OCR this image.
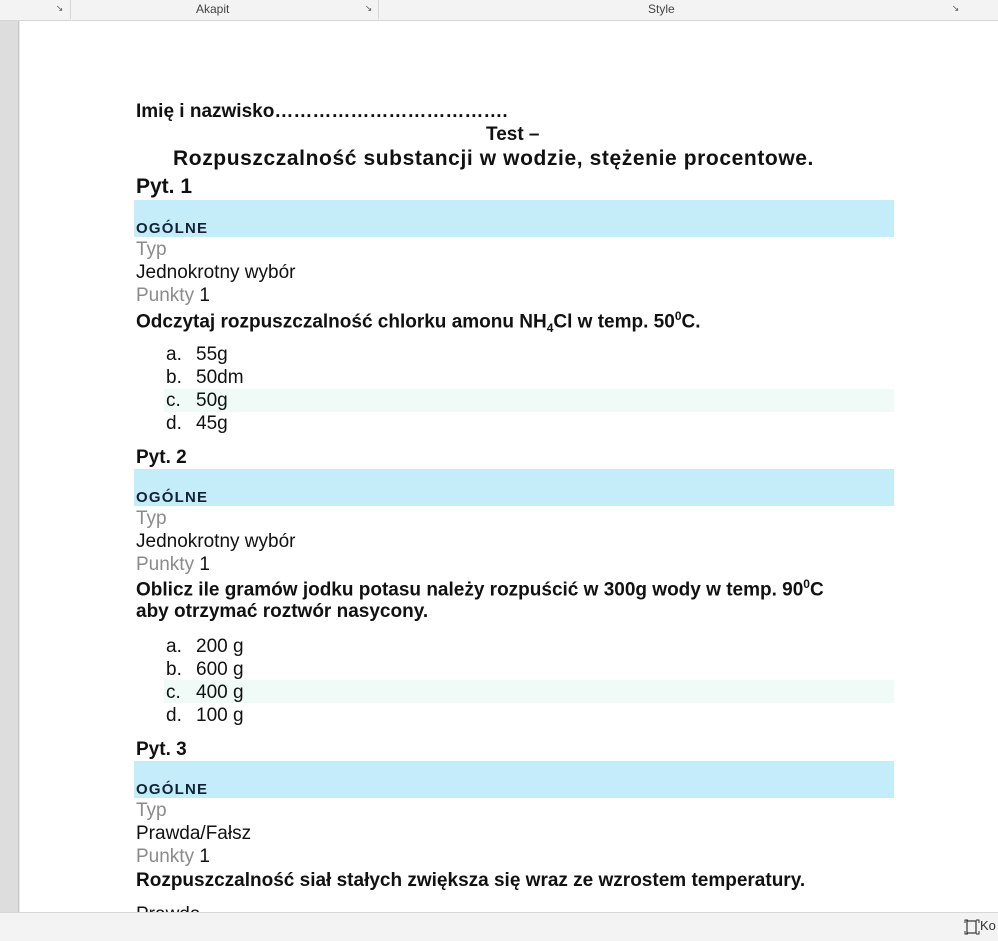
↘	Akapit	↘	Style	↘
Imię i nazwisko……………………………….
Test –
Rozpuszczalność substancji w wodzie, stężenie procentowe.
Pyt. 1
OGÓLNE
Typ
Jednokrotny wybór
Punkty 1
Odczytaj rozpuszczalność chlorku amonu $NH_4Cl$ w temp. $50^0C$.
a. 55g
b. 50dm
c. 50g
d. 45g
Pyt. 2
OGÓLNE
Typ
Jednokrotny wybór
Punkty 1
Oblicz ile gramów jodku potasu należy rozpuścić w 300g wody w temp. $90^0C$
aby otrzymać roztwór nasycony.
a. 200 g
b. 600 g
c. 400 g
d. 100 g
Pyt. 3
OGÓLNE
Typ
Prawda/Fałsz
Punkty 1
Rozpuszczalność siał stałych zwiększa się wraz ze wzrostem temperatury.
Ko
